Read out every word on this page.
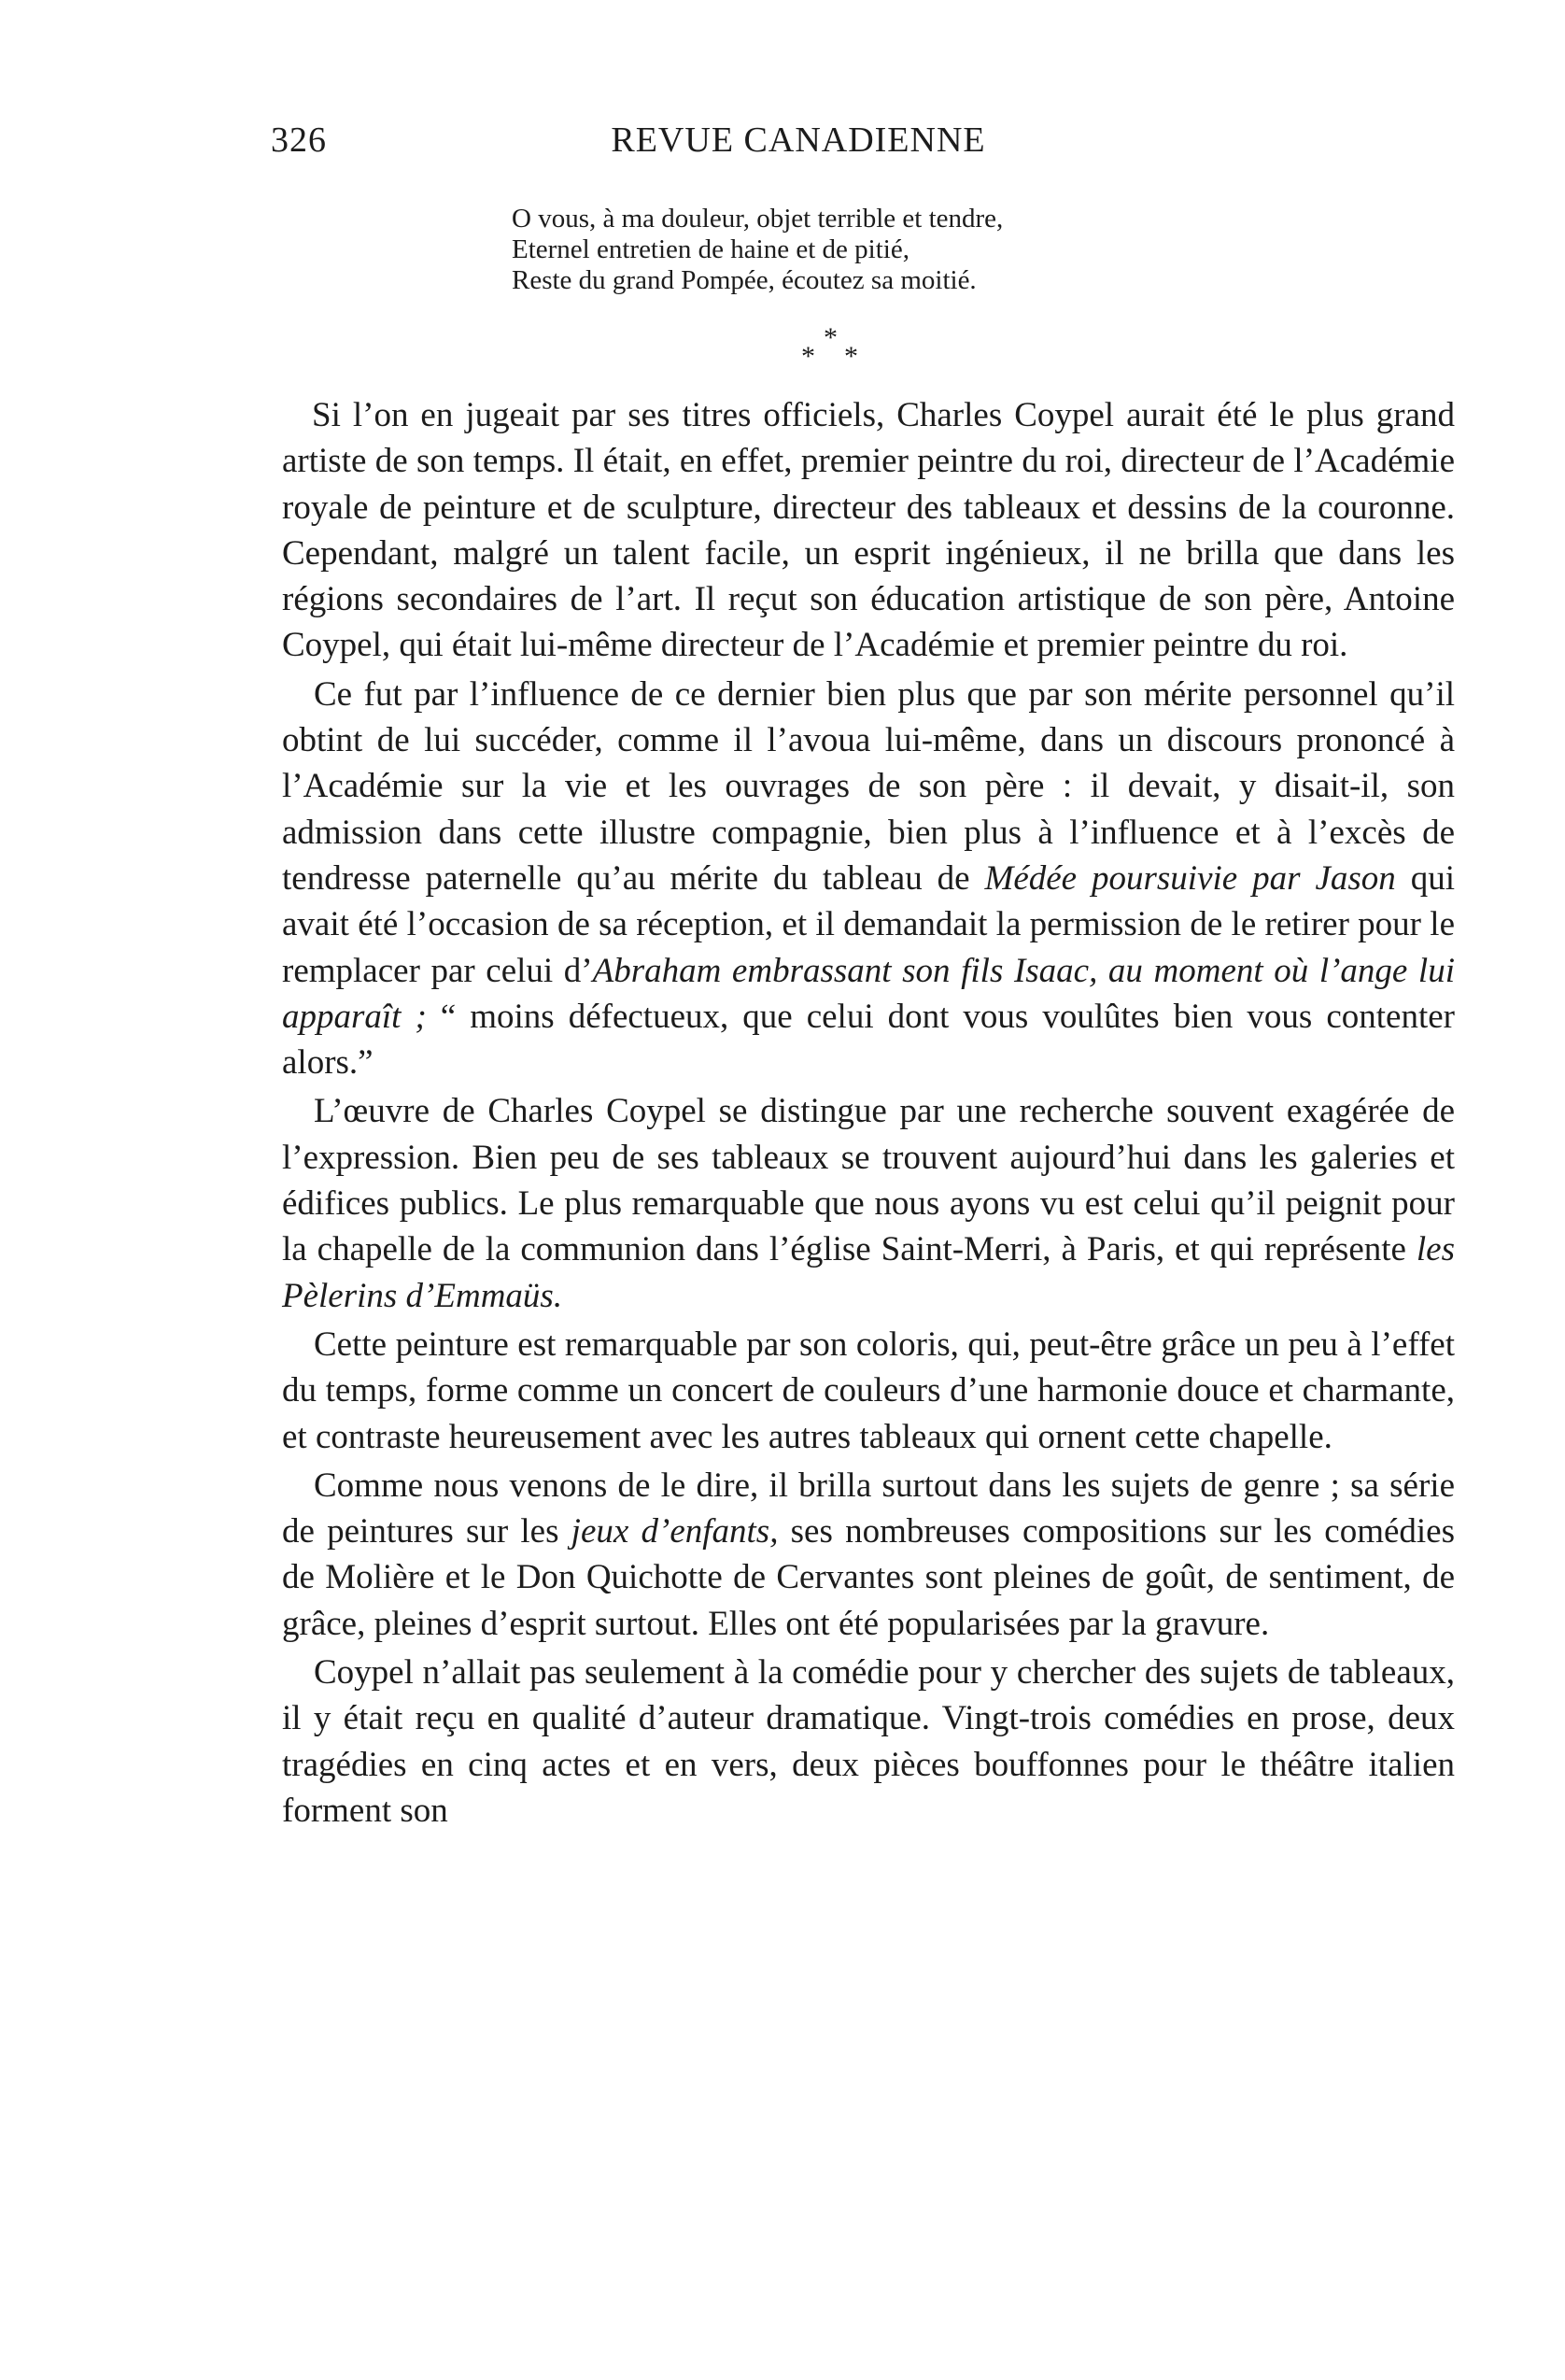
326	REVUE CANADIENNE
O vous, à ma douleur, objet terrible et tendre,
Eternel entretien de haine et de pitié,
Reste du grand Pompée, écoutez sa moitié.
*
* *

Si l’on en jugeait par ses titres officiels, Charles Coypel aurait été le plus grand artiste de son temps. Il était, en effet, premier peintre du roi, directeur de l’Académie royale de peinture et de sculpture, directeur des tableaux et dessins de la couronne. Cependant, malgré un talent facile, un esprit ingénieux, il ne brilla que dans les régions secondaires de l’art. Il reçut son éducation artistique de son père, Antoine Coypel, qui était lui-même directeur de l’Académie et premier peintre du roi.

Ce fut par l’influence de ce dernier bien plus que par son mérite personnel qu’il obtint de lui succéder, comme il l’avoua lui-même, dans un discours prononcé à l’Académie sur la vie et les ouvrages de son père : il devait, y disait-il, son admission dans cette illustre compagnie, bien plus à l’influence et à l’excès de tendresse paternelle qu’au mérite du tableau de Médée poursuivie par Jason qui avait été l’occasion de sa réception, et il demandait la permission de le retirer pour le remplacer par celui d’Abraham embrassant son fils Isaac, au moment où l’ange lui apparaît ; “ moins défectueux, que celui dont vous voulûtes bien vous contenter alors.”

L’œuvre de Charles Coypel se distingue par une recherche souvent exagérée de l’expression. Bien peu de ses tableaux se trouvent aujourd’hui dans les galeries et édifices publics. Le plus remarquable que nous ayons vu est celui qu’il peignit pour la chapelle de la communion dans l’église Saint-Merri, à Paris, et qui représente les Pèlerins d’Emmaüs.

Cette peinture est remarquable par son coloris, qui, peut-être grâce un peu à l’effet du temps, forme comme un concert de couleurs d’une harmonie douce et charmante, et contraste heureusement avec les autres tableaux qui ornent cette chapelle.

Comme nous venons de le dire, il brilla surtout dans les sujets de genre ; sa série de peintures sur les jeux d’enfants, ses nombreuses compositions sur les comédies de Molière et le Don Quichotte de Cervantes sont pleines de goût, de sentiment, de grâce, pleines d’esprit surtout. Elles ont été popularisées par la gravure.

Coypel n’allait pas seulement à la comédie pour y chercher des sujets de tableaux, il y était reçu en qualité d’auteur dramatique. Vingt-trois comédies en prose, deux tragédies en cinq actes et en vers, deux pièces bouffonnes pour le théâtre italien forment son
